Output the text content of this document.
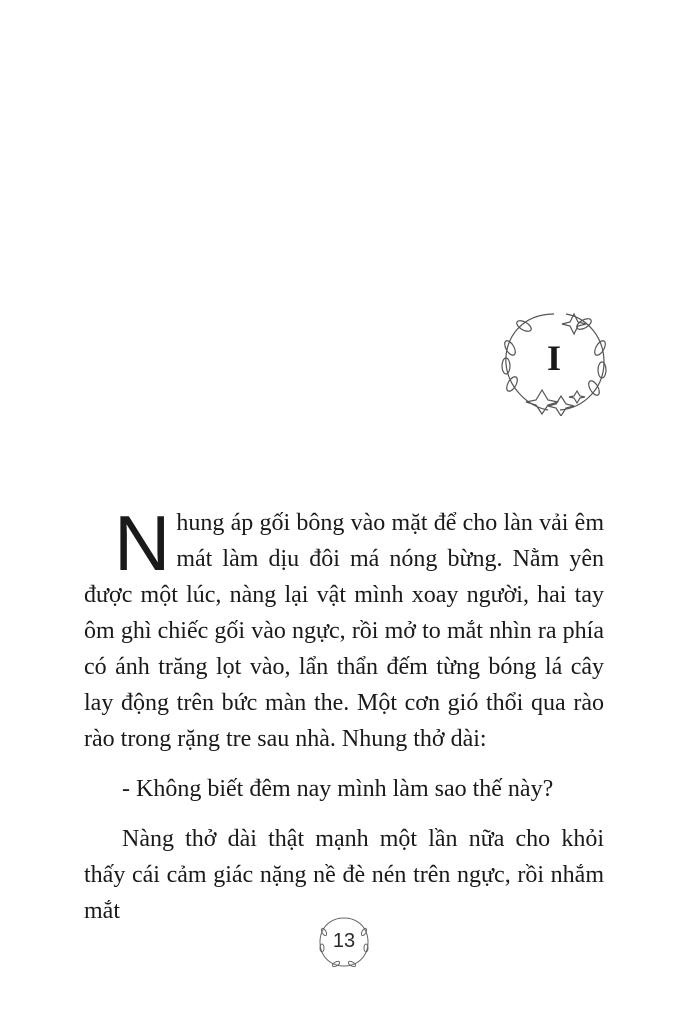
I

N hung áp gối bông vào mặt để cho làn vải êm mát làm dịu đôi má nóng bừng. Nằm yên được một lúc, nàng lại vật mình xoay người, hai tay ôm ghì chiếc gối vào ngực, rồi mở to mắt nhìn ra phía có ánh trăng lọt vào, lẩn thẩn đếm từng bóng lá cây lay động trên bức màn the. Một cơn gió thổi qua rào rào trong rặng tre sau nhà. Nhung thở dài:

- Không biết đêm nay mình làm sao thế này?

Nàng thở dài thật mạnh một lần nữa cho khỏi thấy cái cảm giác nặng nề đè nén trên ngực, rồi nhắm mắt

13
